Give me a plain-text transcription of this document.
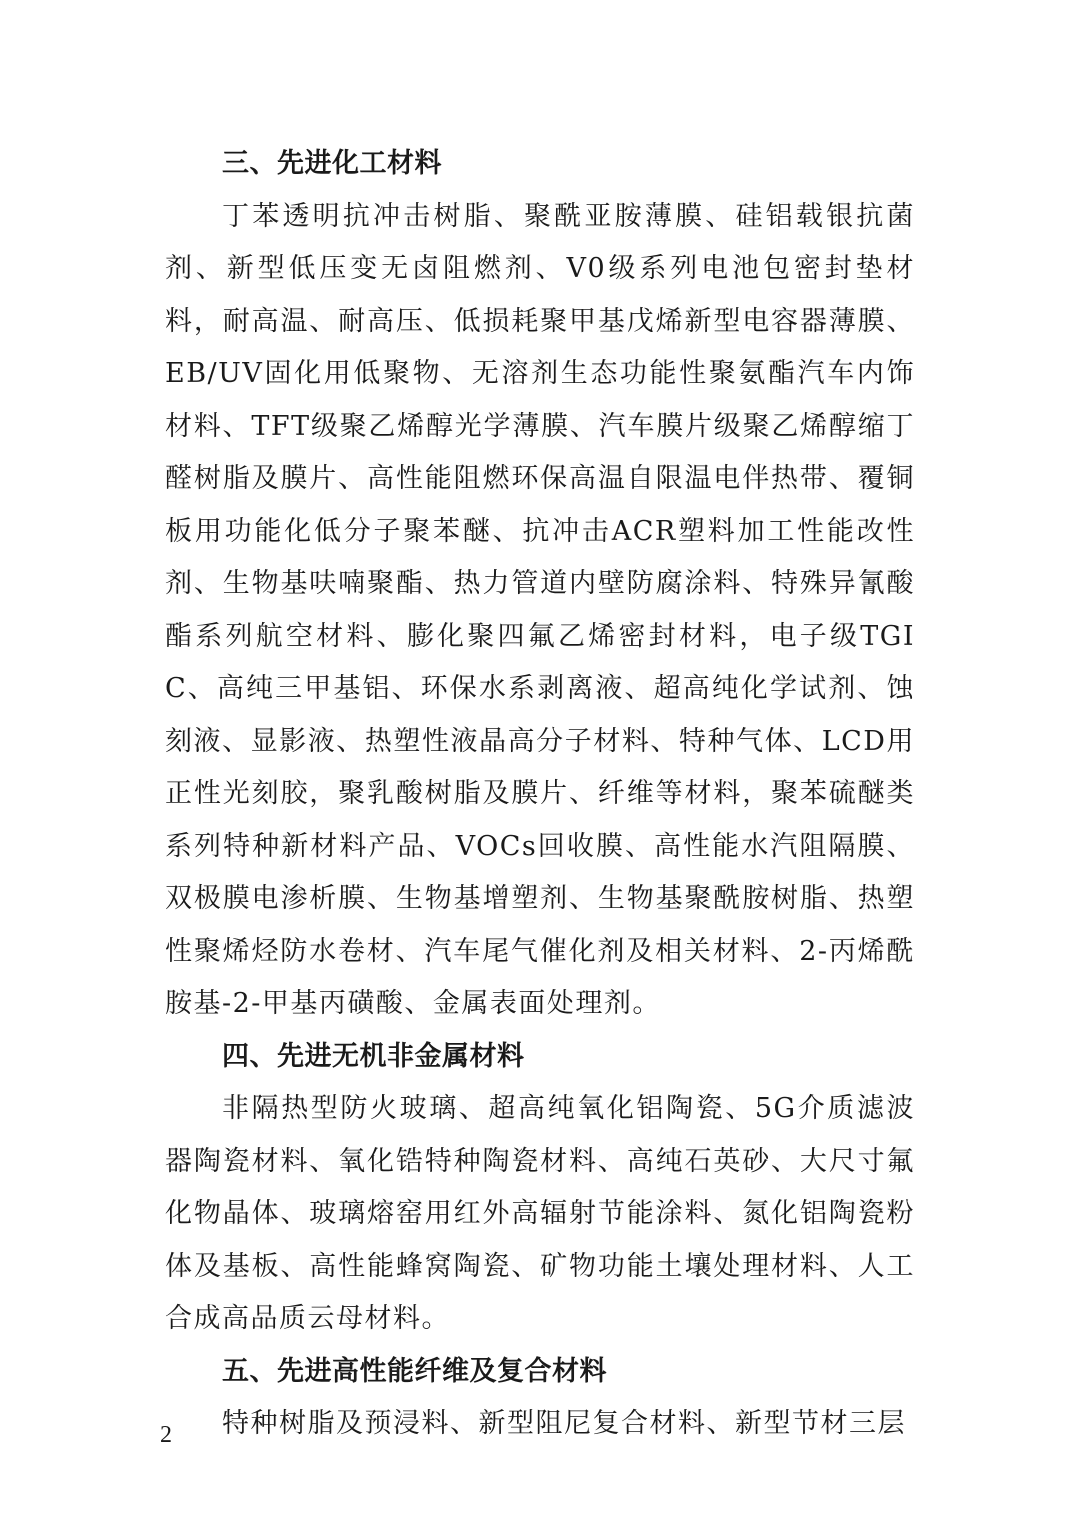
三、先进化工材料

丁苯透明抗冲击树脂、聚酰亚胺薄膜、硅铝载银抗菌剂、新型低压变无卤阻燃剂、V0级系列电池包密封垫材料，耐高温、耐高压、低损耗聚甲基戊烯新型电容器薄膜、EB/UV固化用低聚物、无溶剂生态功能性聚氨酯汽车内饰材料、TFT级聚乙烯醇光学薄膜、汽车膜片级聚乙烯醇缩丁醛树脂及膜片、高性能阻燃环保高温自限温电伴热带、覆铜板用功能化低分子聚苯醚、抗冲击ACR塑料加工性能改性剂、生物基呋喃聚酯、热力管道内壁防腐涂料、特殊异氰酸酯系列航空材料、膨化聚四氟乙烯密封材料，电子级TGIC、高纯三甲基铝、环保水系剥离液、超高纯化学试剂、蚀刻液、显影液、热塑性液晶高分子材料、特种气体、LCD用正性光刻胶，聚乳酸树脂及膜片、纤维等材料，聚苯硫醚类系列特种新材料产品、VOCs回收膜、高性能水汽阻隔膜、双极膜电渗析膜、生物基增塑剂、生物基聚酰胺树脂、热塑性聚烯烃防水卷材、汽车尾气催化剂及相关材料、2-丙烯酰胺基-2-甲基丙磺酸、金属表面处理剂。

四、先进无机非金属材料

非隔热型防火玻璃、超高纯氧化铝陶瓷、5G介质滤波器陶瓷材料、氧化锆特种陶瓷材料、高纯石英砂、大尺寸氟化物晶体、玻璃熔窑用红外高辐射节能涂料、氮化铝陶瓷粉体及基板、高性能蜂窝陶瓷、矿物功能土壤处理材料、人工合成高品质云母材料。

五、先进高性能纤维及复合材料

特种树脂及预浸料、新型阻尼复合材料、新型节材三层

2
